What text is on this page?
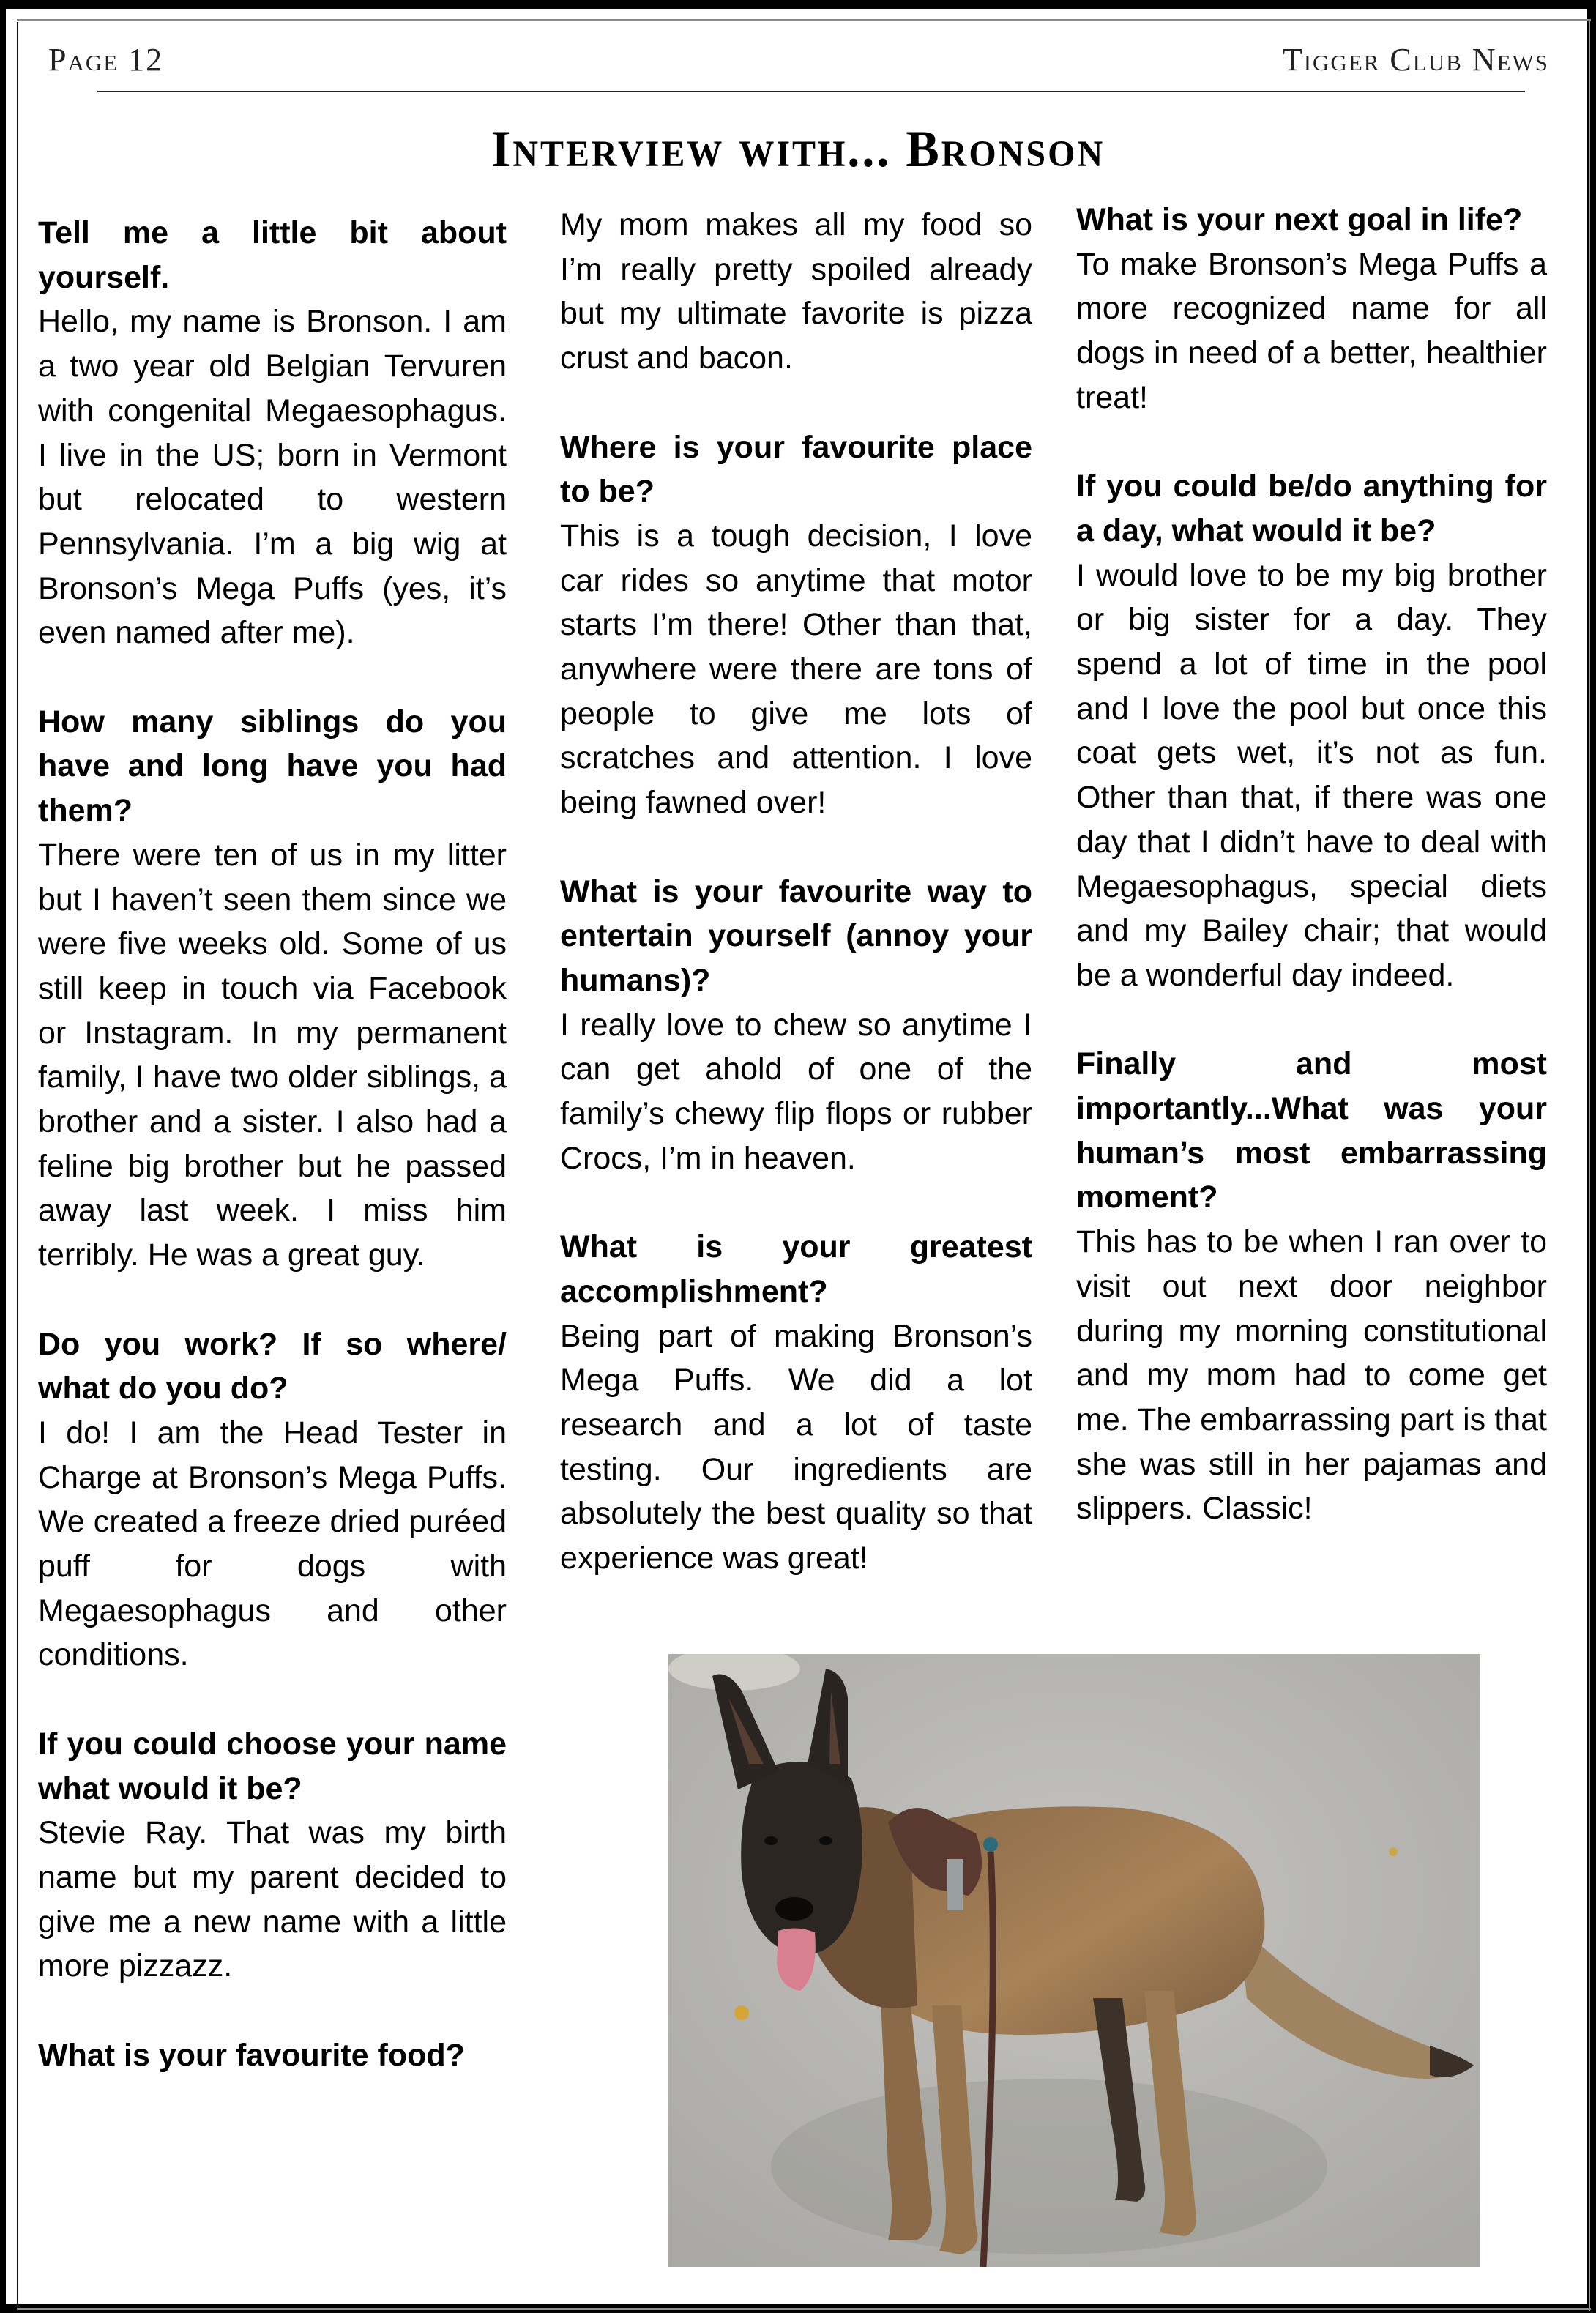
Page 12	Tigger Club News
Interview with... Bronson
Tell me a little bit about yourself.
Hello, my name is Bronson. I am a two year old Belgian Tervuren with congenital Megaesophagus. I live in the US; born in Vermont but relocated to western Pennsylvania. I’m a big wig at Bronson’s Mega Puffs (yes, it’s even named after me).
How many siblings do you have and long have you had them?
There were ten of us in my litter but I haven’t seen them since we were five weeks old. Some of us still keep in touch via Facebook or Instagram. In my permanent family, I have two older siblings, a brother and a sister. I also had a feline big brother but he passed away last week. I miss him terribly. He was a great guy.
Do you work? If so where/ what do you do?
I do! I am the Head Tester in Charge at Bronson’s Mega Puffs. We created a freeze dried puréed puff for dogs with Megaesophagus and other conditions.
If you could choose your name what would it be?
Stevie Ray. That was my birth name but my parent decided to give me a new name with a little more pizzazz.
What is your favourite food?
My mom makes all my food so I’m really pretty spoiled already but my ultimate favorite is pizza crust and bacon.
Where is your favourite place to be?
This is a tough decision, I love car rides so anytime that motor starts I’m there! Other than that, anywhere were there are tons of people to give me lots of scratches and attention. I love being fawned over!
What is your favourite way to entertain yourself (annoy your humans)?
I really love to chew so anytime I can get ahold of one of the family’s chewy flip flops or rubber Crocs, I’m in heaven.
What is your greatest accomplishment?
Being part of making Bronson’s Mega Puffs. We did a lot research and a lot of taste testing. Our ingredients are absolutely the best quality so that experience was great!
What is your next goal in life?
To make Bronson’s Mega Puffs a more recognized name for all dogs in need of a better, healthier treat!
If you could be/do anything for a day, what would it be?
I would love to be my big brother or big sister for a day. They spend a lot of time in the pool and I love the pool but once this coat gets wet, it’s not as fun. Other than that, if there was one day that I didn’t have to deal with Megaesophagus, special diets and my Bailey chair; that would be a wonderful day indeed.
Finally and most importantly...What was your human’s most embarrassing moment?
This has to be when I ran over to visit out next door neighbor during my morning constitutional and my mom had to come get me. The embarrassing part is that she was still in her pajamas and slippers. Classic!
